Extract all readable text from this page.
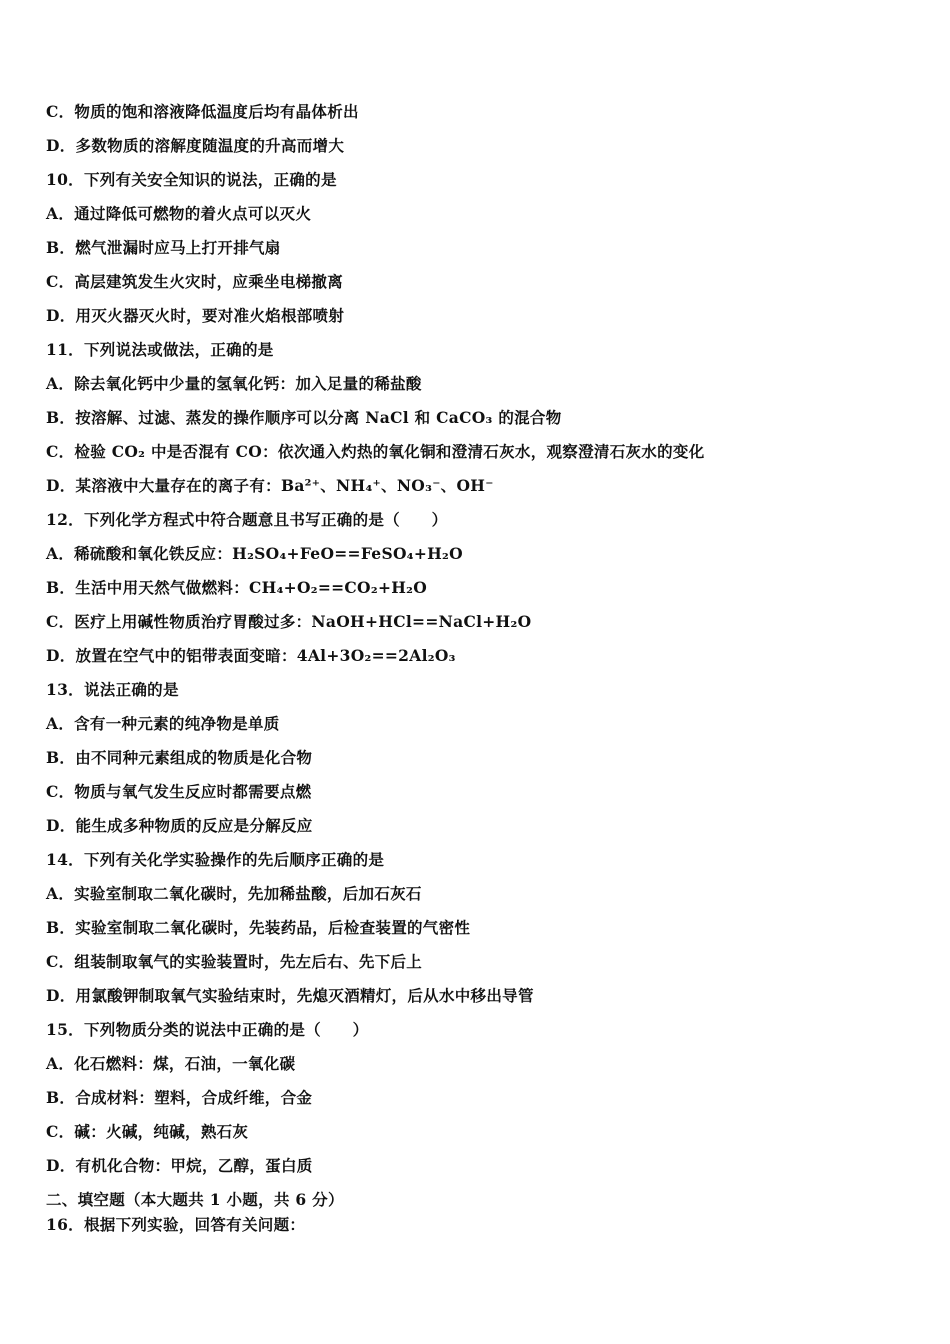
C．物质的饱和溶液降低温度后均有晶体析出
D．多数物质的溶解度随温度的升高而增大
10．下列有关安全知识的说法，正确的是
A．通过降低可燃物的着火点可以灭火
B．燃气泄漏时应马上打开排气扇
C．高层建筑发生火灾时，应乘坐电梯撤离
D．用灭火器灭火时，要对准火焰根部喷射
11．下列说法或做法，正确的是
A．除去氧化钙中少量的氢氧化钙：加入足量的稀盐酸
B．按溶解、过滤、蒸发的操作顺序可以分离 NaCl 和 CaCO₃ 的混合物
C．检验 CO₂ 中是否混有 CO：依次通入灼热的氧化铜和澄清石灰水，观察澄清石灰水的变化
D．某溶液中大量存在的离子有：Ba²⁺、NH₄⁺、NO₃⁻、OH⁻
12．下列化学方程式中符合题意且书写正确的是（　　）
A．稀硫酸和氧化铁反应：H₂SO₄+FeO==FeSO₄+H₂O
B．生活中用天然气做燃料：CH₄+O₂==CO₂+H₂O
C．医疗上用碱性物质治疗胃酸过多：NaOH+HCl==NaCl+H₂O
D．放置在空气中的铝带表面变暗：4Al+3O₂==2Al₂O₃
13．说法正确的是
A．含有一种元素的纯净物是单质
B．由不同种元素组成的物质是化合物
C．物质与氧气发生反应时都需要点燃
D．能生成多种物质的反应是分解反应
14．下列有关化学实验操作的先后顺序正确的是
A．实验室制取二氧化碳时，先加稀盐酸，后加石灰石
B．实验室制取二氧化碳时，先装药品，后检查装置的气密性
C．组装制取氧气的实验装置时，先左后右、先下后上
D．用氯酸钾制取氧气实验结束时，先熄灭酒精灯，后从水中移出导管
15．下列物质分类的说法中正确的是（　　）
A．化石燃料：煤，石油，一氧化碳
B．合成材料：塑料，合成纤维，合金
C．碱：火碱，纯碱，熟石灰
D．有机化合物：甲烷，乙醇，蛋白质
二、填空题（本大题共 1 小题，共 6 分）
16．根据下列实验，回答有关问题：
